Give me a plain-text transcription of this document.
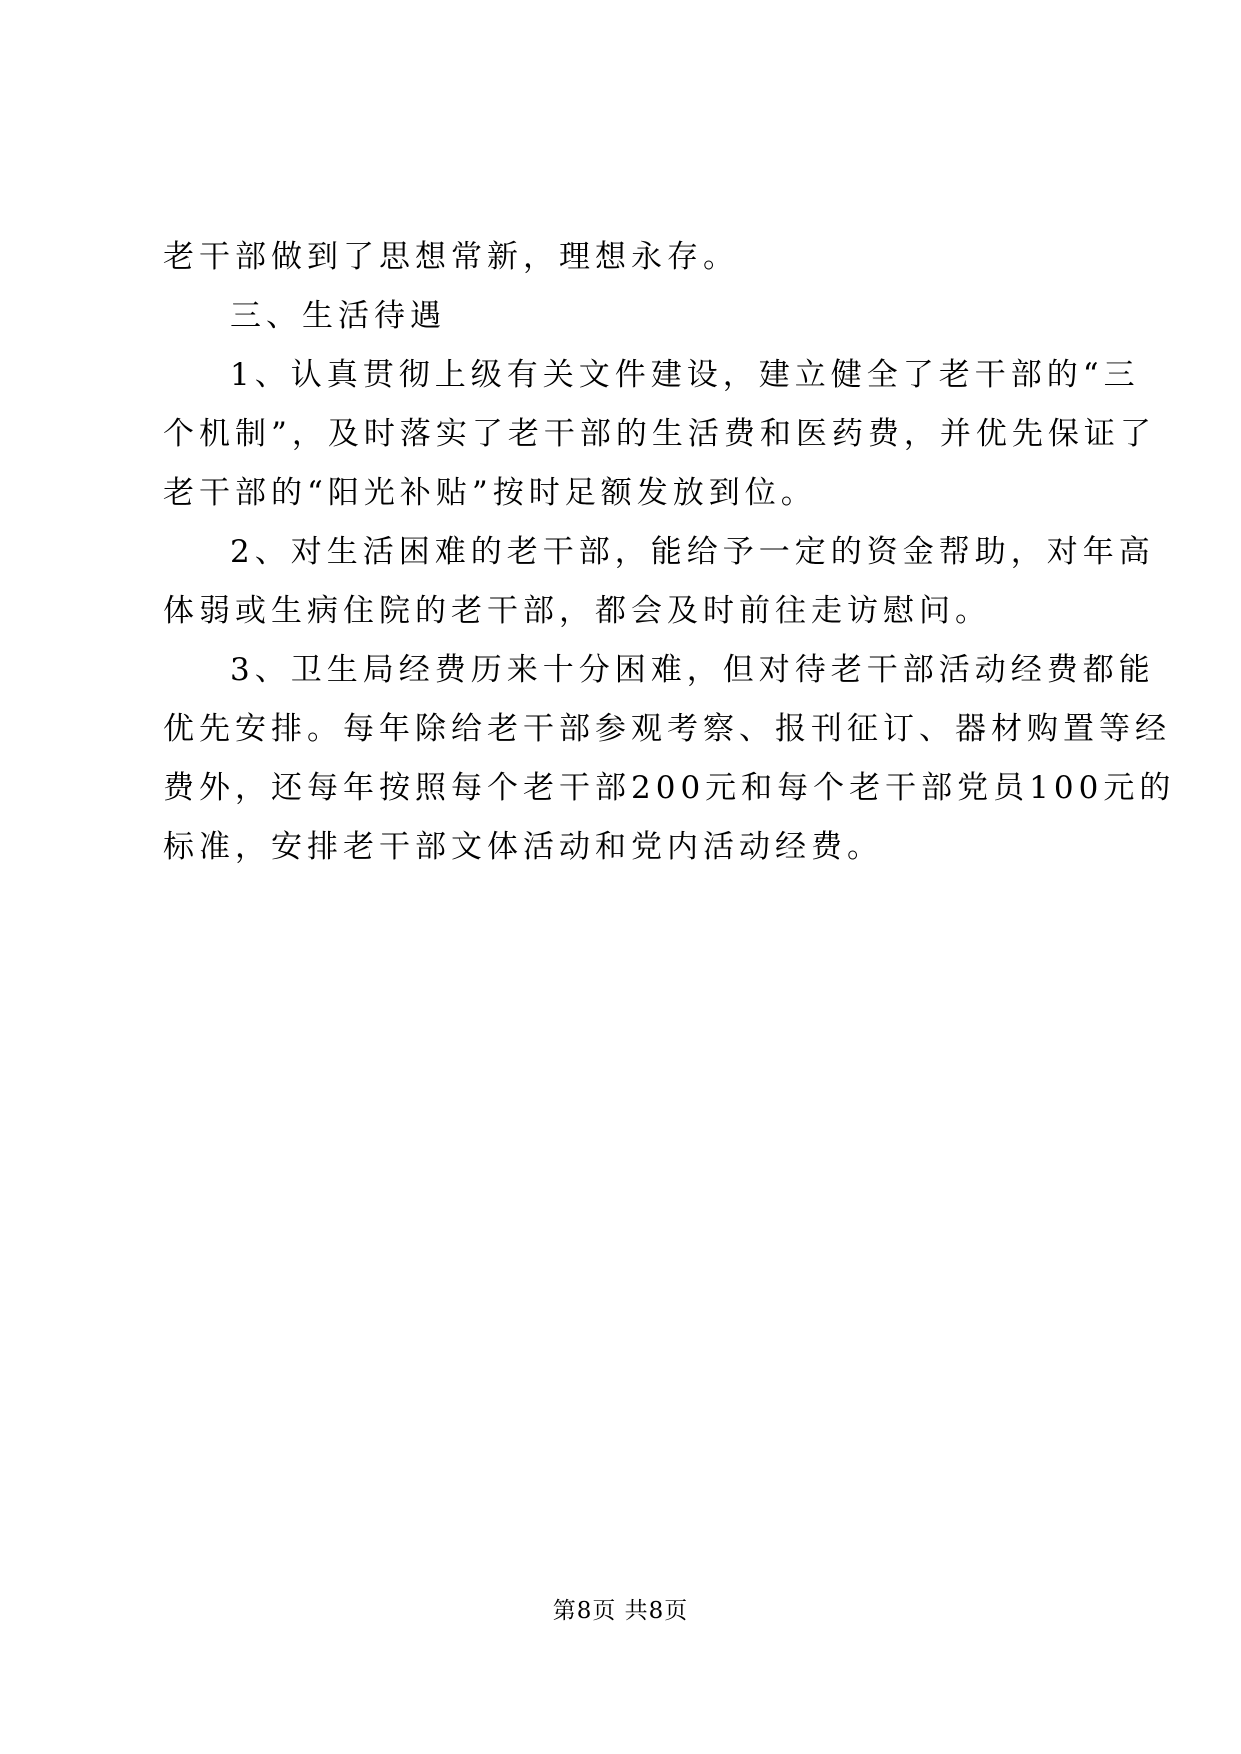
老干部做到了思想常新，理想永存。
三、生活待遇
1、认真贯彻上级有关文件建设，建立健全了老干部的“三
个机制”，及时落实了老干部的生活费和医药费，并优先保证了
老干部的“阳光补贴”按时足额发放到位。
2、对生活困难的老干部，能给予一定的资金帮助，对年高
体弱或生病住院的老干部，都会及时前往走访慰问。
3、卫生局经费历来十分困难，但对待老干部活动经费都能
优先安排。每年除给老干部参观考察、报刊征订、器材购置等经
费外，还每年按照每个老干部200元和每个老干部党员100元的
标准，安排老干部文体活动和党内活动经费。
第8页 共8页
